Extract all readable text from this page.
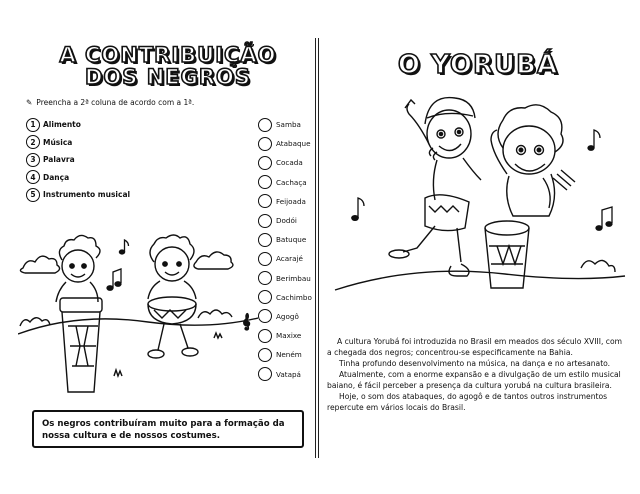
A CONTRIBUIÇÃO
DOS NEGROS
✎ Preencha a 2ª coluna de acordo com a 1ª.
1 Alimento
2 Música
3 Palavra
4 Dança
5 Instrumento musical
Samba
Atabaque
Cocada
Cachaça
Feijoada
Dodói
Batuque
Acarajé
Berimbau
Cachimbo
Agogô
Maxixe
Neném
Vatapá
𝄞
Os negros contribuíram muito para a formação da nossa cultura e de nossos costumes.
O YORUBÁ

A cultura Yorubá foi introduzida no Brasil em meados dos século XVIII, com a chegada dos negros; concentrou-se especificamente na Bahia.

Tinha profundo desenvolvimento na música, na dança e no artesanato.

Atualmente, com a enorme expansão e a divulgação de um estilo musical baiano, é fácil perceber a presença da cultura yorubá na cultura brasileira.

Hoje, o som dos atabaques, do agogô e de tantos outros instrumentos repercute em vários locais do Brasil.
